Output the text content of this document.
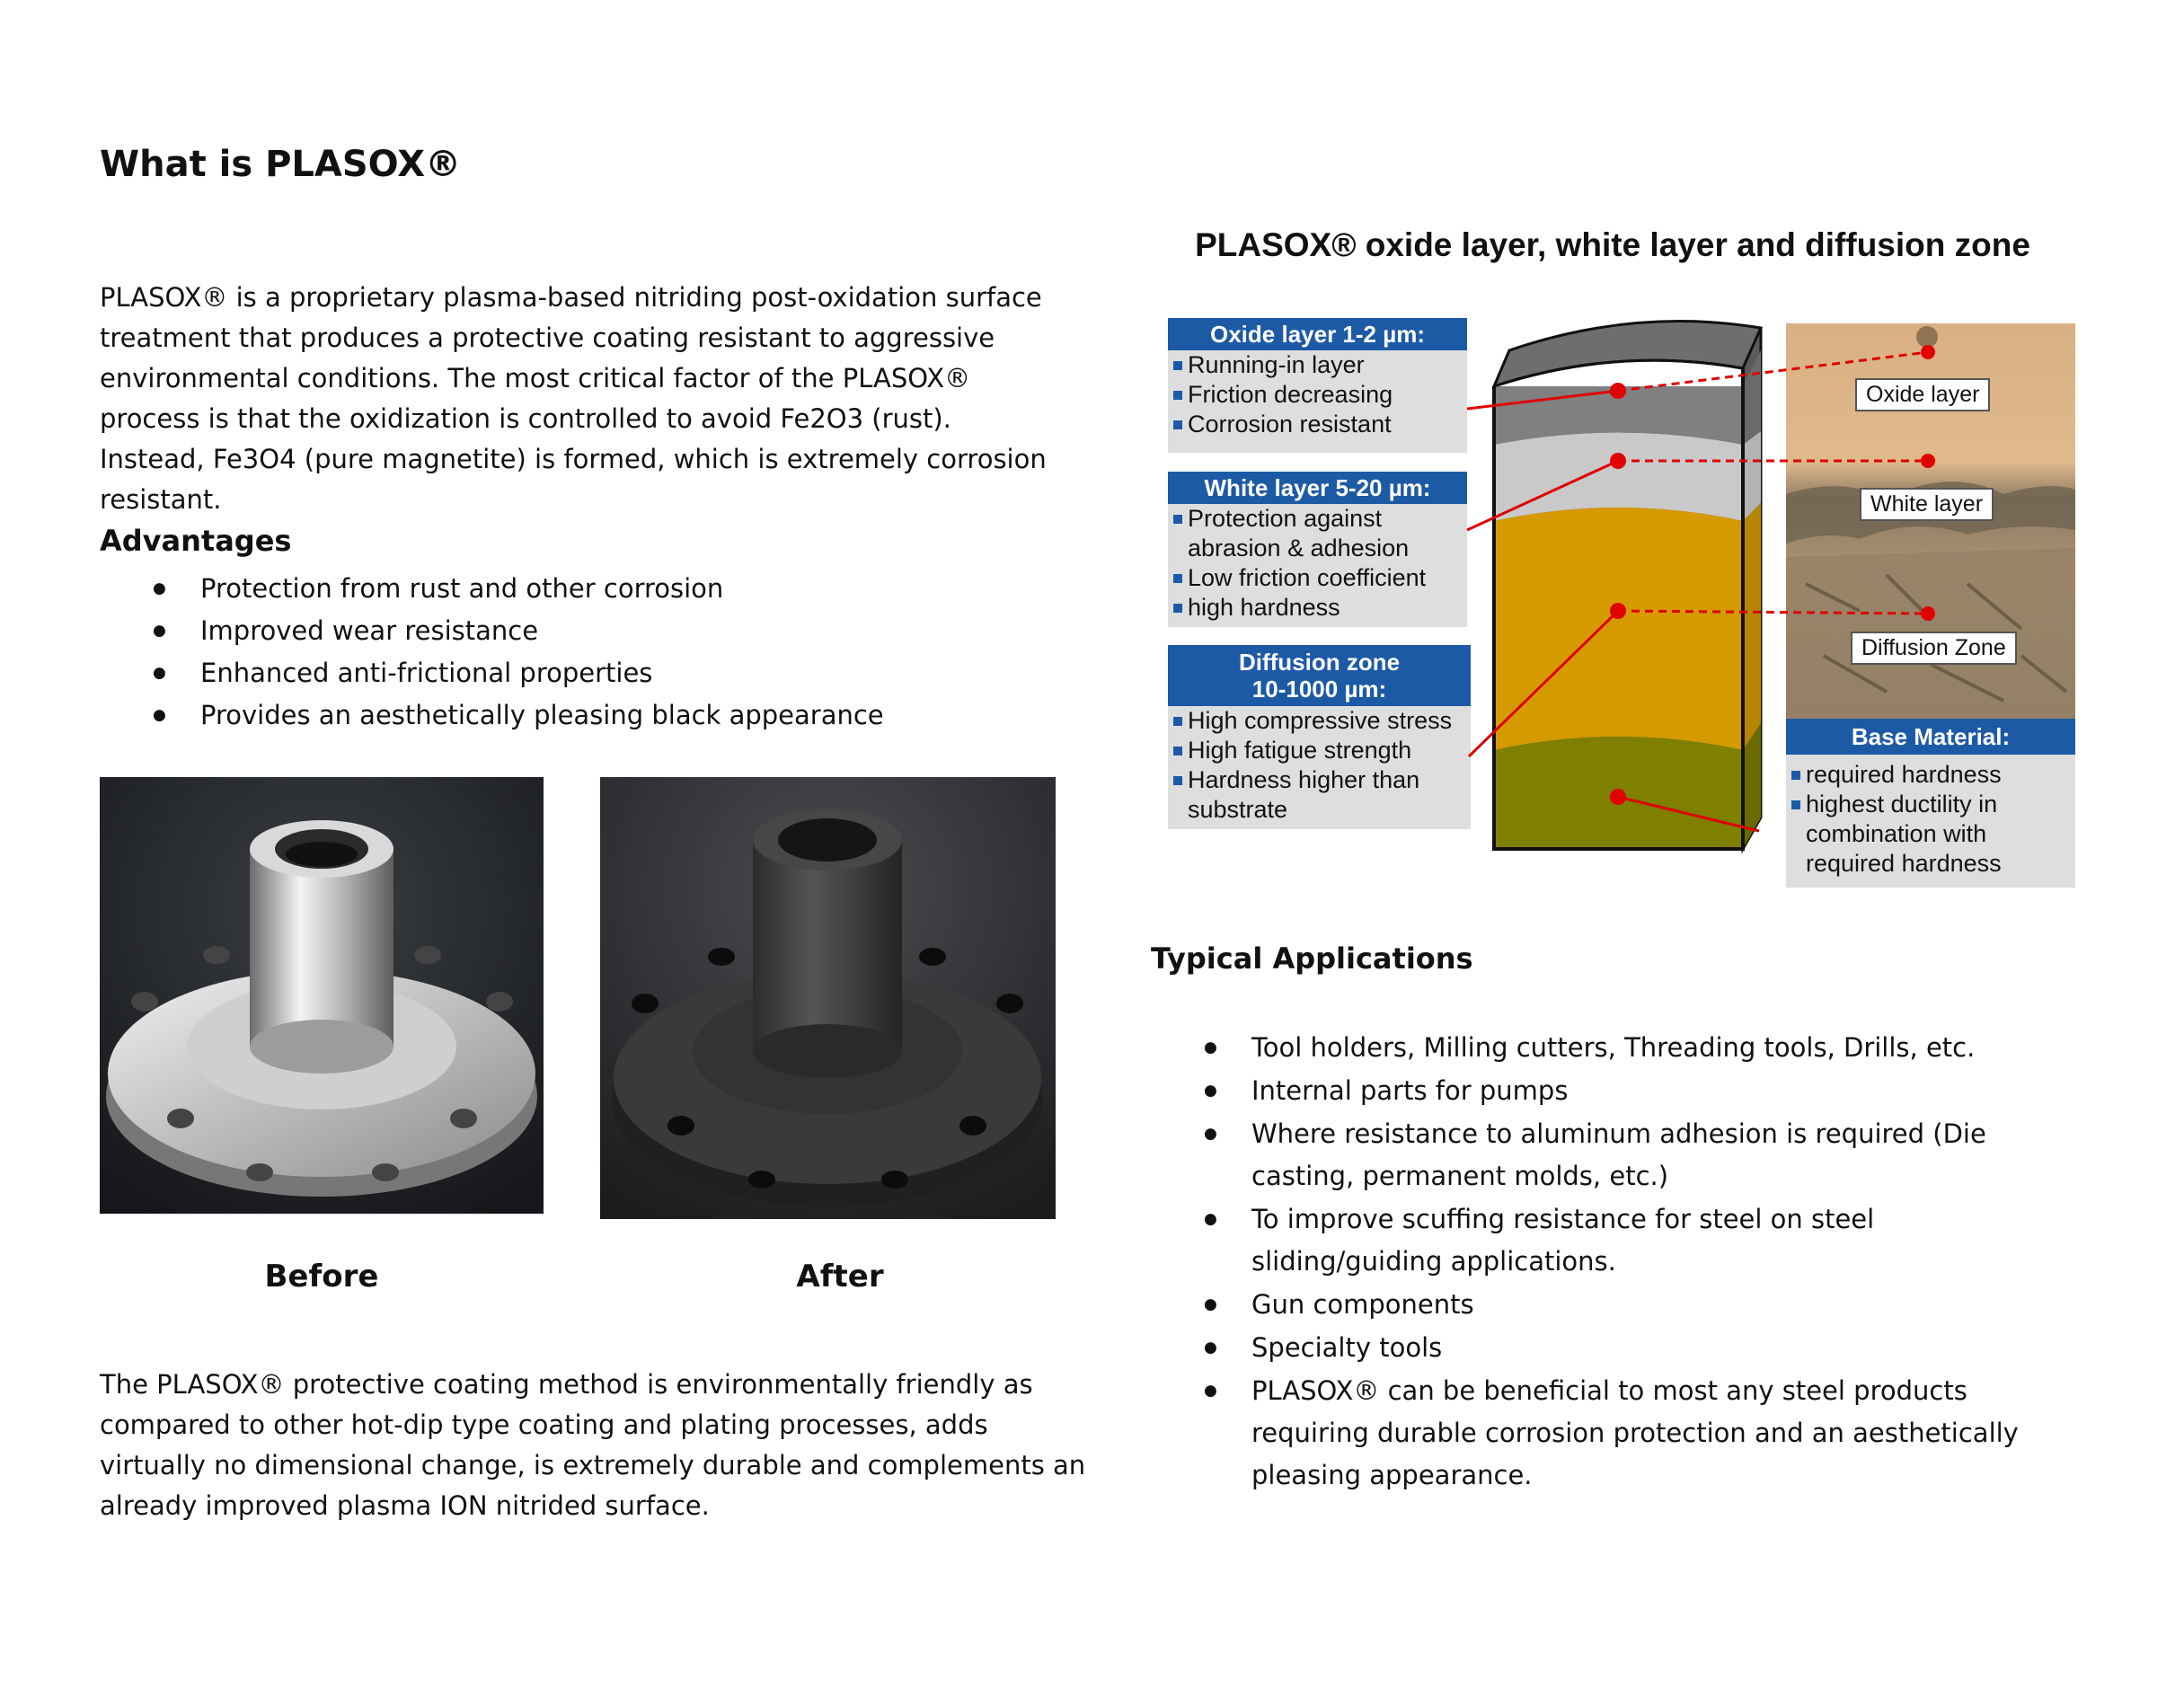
What is PLASOX®

PLASOX® is a proprietary plasma-based nitriding post-oxidation surface treatment that produces a protective coating resistant to aggressive environmental conditions. The most critical factor of the PLASOX® process is that the oxidization is controlled to avoid Fe2O3 (rust). Instead, Fe3O4 (pure magnetite) is formed, which is extremely corrosion resistant.

Advantages
● Protection from rust and other corrosion
● Improved wear resistance
● Enhanced anti-frictional properties
● Provides an aesthetically pleasing black appearance

Before	After

The PLASOX® protective coating method is environmentally friendly as compared to other hot-dip type coating and plating processes, adds virtually no dimensional change, is extremely durable and complements an already improved plasma ION nitrided surface.

PLASOX® oxide layer, white layer and diffusion zone
Oxide layer 1-2 µm:
Running-in layer
Friction decreasing
Corrosion resistant
White layer 5-20 µm:
Protection against
abrasion & adhesion
Low friction coefficient
high hardness
Diffusion zone
10-1000 µm:
High compressive stress
High fatigue strength
Hardness higher than
substrate
Oxide layer
White layer
Diffusion Zone
Base Material:
required hardness
highest ductility in
combination with
required hardness
Typical Applications
● Tool holders, Milling cutters, Threading tools, Drills, etc.
● Internal parts for pumps
● Where resistance to aluminum adhesion is required (Die casting, permanent molds, etc.)
● To improve scuffing resistance for steel on steel sliding/guiding applications.
● Gun components
● Specialty tools
● PLASOX® can be beneficial to most any steel products requiring durable corrosion protection and an aesthetically pleasing appearance.
